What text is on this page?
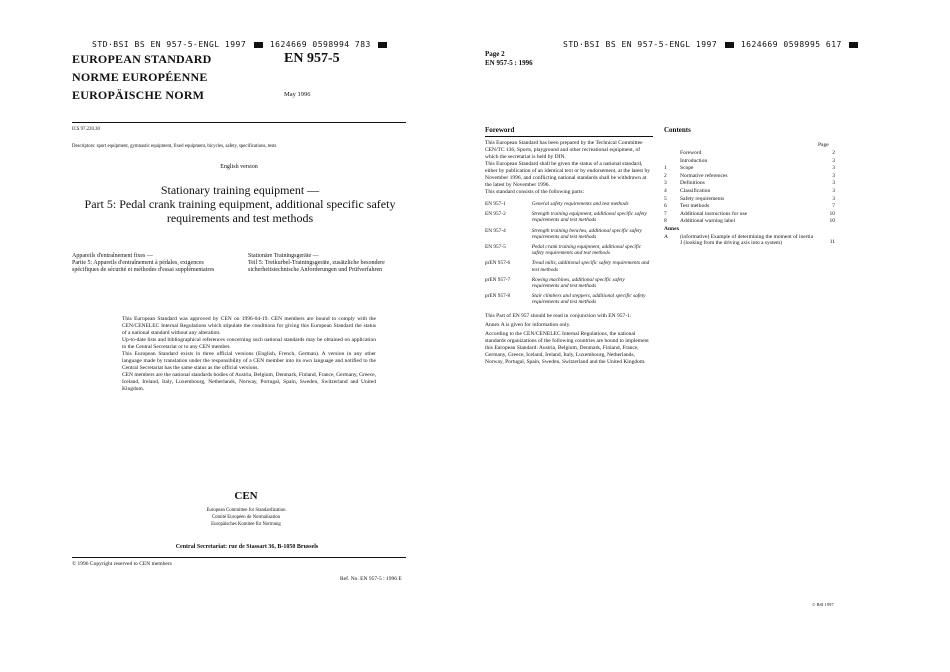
STD·BSI BS EN 957-5-ENGL 1997	1624669 0598994 783
EUROPEAN STANDARD
NORME EUROPÉENNE
EUROPÄISCHE NORM
EN 957-5
May 1996
ICS 97.220.30
Descriptors: sport equipment, gymnastic equipment, fixed equipment, bicycles, safety, specifications, tests
English version
Stationary training equipment —
Part 5: Pedal crank training equipment, additional specific safety
requirements and test methods
Appareils d'entraînement fixes —
Partie 5: Appareils d'entraînement à pédales, exigences spécifiques de sécurité et méthodes d'essai supplémentaires
Stationäre Trainingsgeräte —
Teil 5: Tretkurbel-Trainingsgeräte, zusätzliche besondere sicherheitstechnische Anforderungen und Prüfverfahren
This European Standard was approved by CEN on 1996-04-19. CEN members are bound to comply with the CEN/CENELEC Internal Regulations which stipulate the conditions for giving this European Standard the status of a national standard without any alteration.
Up-to-date lists and bibliographical references concerning such national standards may be obtained on application to the Central Secretariat or to any CEN member.
This European Standard exists in three official versions (English, French, German). A version in any other language made by translation under the responsibility of a CEN member into its own language and notified to the Central Secretariat has the same status as the official versions.
CEN members are the national standards bodies of Austria, Belgium, Denmark, Finland, France, Germany, Greece, Iceland, Ireland, Italy, Luxembourg, Netherlands, Norway, Portugal, Spain, Sweden, Switzerland and United Kingdom.
CEN
European Committee for Standardization
Comité Européen de Normalisation
Europäisches Komitee für Normung
Central Secretariat: rue de Stassart 36, B-1050 Brussels
© 1996 Copyright reserved to CEN members
Ref. No. EN 957-5 : 1996 E
STD·BSI BS EN 957-5-ENGL 1997	1624669 0598995 617
Page 2
EN 957-5 : 1996
Foreword
This European Standard has been prepared by the Technical Committee CEN/TC 136, Sports, playground and other recreational equipment, of which the secretariat is held by DIN.
This European Standard shall be given the status of a national standard, either by publication of an identical text or by endorsement, at the latest by November 1996, and conflicting national standards shall be withdrawn at the latest by November 1996.
This standard consists of the following parts:
EN 957-1	General safety requirements and test methods
EN 957-2	Strength training equipment, additional specific safety requirements and test methods
EN 957-4	Strength training benches, additional specific safety requirements and test methods
EN 957-5	Pedal crank training equipment, additional specific safety requirements and test methods
prEN 957-6	Tread mills, additional specific safety requirements and test methods
prEN 957-7	Rowing machines, additional specific safety requirements and test methods
prEN 957-8	Stair climbers and steppers, additional specific safety requirements and test methods
This Part of EN 957 should be read in conjunction with EN 957-1.
Annex A is given for information only.
According to the CEN/CENELEC Internal Regulations, the national standards organizations of the following countries are bound to implement this European Standard: Austria, Belgium, Denmark, Finland, France, Germany, Greece, Iceland, Ireland, Italy, Luxembourg, Netherlands, Norway, Portugal, Spain, Sweden, Switzerland and the United Kingdom.
Contents
Page
	Foreword	2
	Introduction	3
1	Scope	3
2	Normative references	3
3	Definitions	3
4	Classification	3
5	Safety requirements	3
6	Test methods	7
7	Additional instructions for use	10
8	Additional warning label	10
Annex
A	(informative) Example of determining the moment of inertia J (looking from the driving axis into a system)	11
© BSI 1997
